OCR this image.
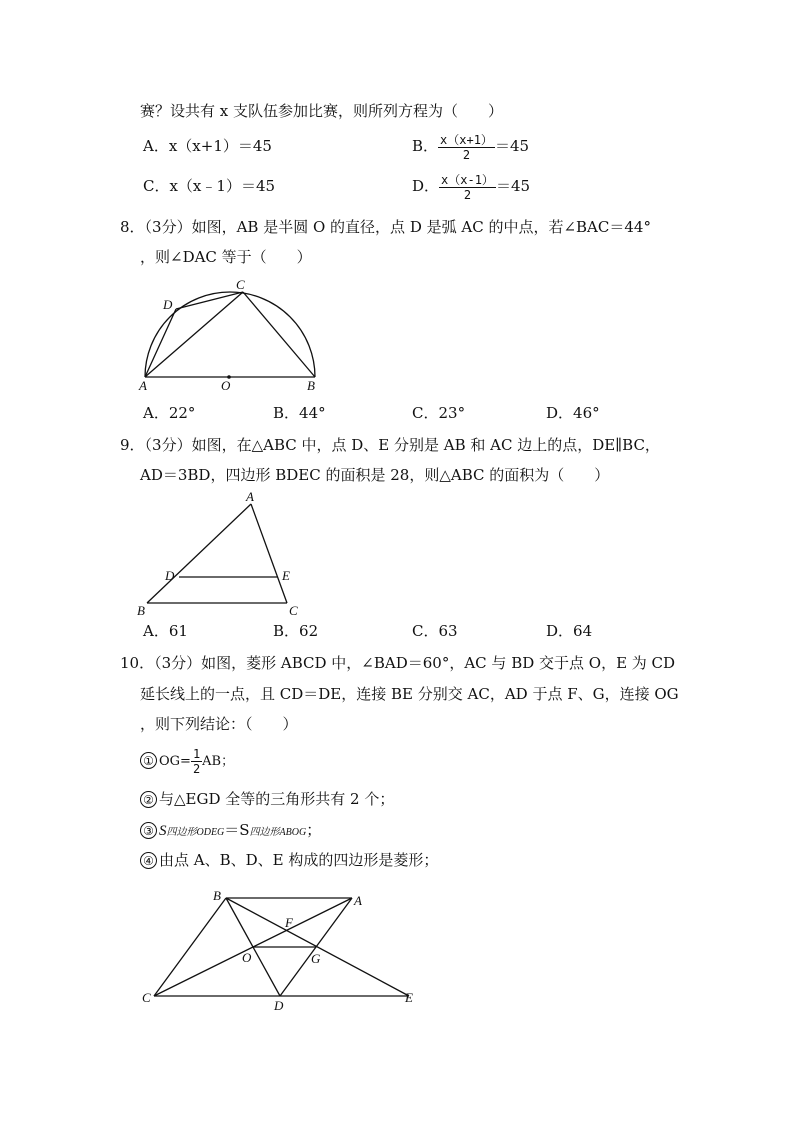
赛？设共有 x 支队伍参加比赛，则所列方程为（　　）
A．x（x+1）＝45	B． $\frac{x(x+1)}{2} =45$
C．x（x﹣1）＝45	D． $\frac{x(x-1)}{2} =45$
8．（3分）如图，AB 是半圆 O 的直径，点 D 是弧 AC 的中点，若∠BAC＝44°
，则∠DAC 等于（　　）
A	B
C
D
O
A．22°	B．44°	C．23°	D．46°
9．（3分）如图，在△ABC 中，点 D、E 分别是 AB 和 AC 边上的点，DE∥BC，
AD＝3BD，四边形 BDEC 的面积是 28，则△ABC 的面积为（　　）
A
B	C
D	E
A．61	B．62	C．63	D．64
10．（3分）如图，菱形 ABCD 中，∠BAD＝60°，AC 与 BD 交于点 O，E 为 CD
延长线上的一点，且 CD＝DE，连接 BE 分别交 AC，AD 于点 F、G，连接 OG
，则下列结论：（　　）
① $OG= \frac{1}{2}$ AB；
② 与△EGD 全等的三角形共有 2 个；
③ S四边形ODEG＝S四边形ABOG；
④ 由点 A、B、D、E 构成的四边形是菱形；
B	A
C
D
E
F
G
O
